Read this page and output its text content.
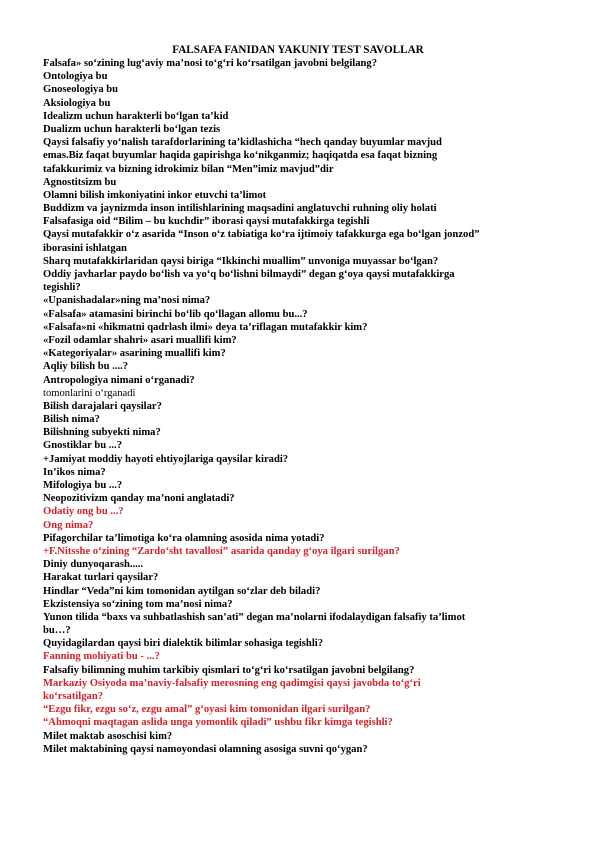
FALSAFA FANIDAN YAKUNIY TEST SAVOLLAR
Falsafa» so‘zining lug‘aviy ma’nosi to‘g‘ri ko‘rsatilgan javobni belgilang?
Ontologiya bu
Gnoseologiya bu
Aksiologiya bu
Idealizm uchun harakterli bo‘lgan ta’kid
Dualizm uchun harakterli bo‘lgan tezis
Qaysi falsafiy yo‘nalish tarafdorlarining ta’kidlashicha “hech qanday buyumlar mavjud
emas.Biz faqat buyumlar haqida gapirishga ko‘nikganmiz; haqiqatda esa faqat bizning
tafakkurimiz va bizning idrokimiz bilan “Men”imiz mavjud”dir
Agnostitsizm bu
Olamni bilish imkoniyatini inkor etuvchi ta’limot
Buddizm va jaynizmda inson intilishlarining maqsadini anglatuvchi ruhning oliy holati
Falsafasiga oid “Bilim – bu kuchdir” iborasi qaysi mutafakkirga tegishli
Qaysi mutafakkir o‘z asarida “Inson o‘z tabiatiga ko‘ra ijtimoiy tafakkurga ega bo‘lgan jonzod”
iborasini ishlatgan
Sharq mutafakkirlaridan qaysi biriga “Ikkinchi muallim” unvoniga muyassar bo‘lgan?
Oddiy javharlar paydo bo‘lish va yo‘q bo‘lishni bilmaydi” degan g‘oya qaysi mutafakkirga
tegishli?
«Upanishadalar»ning ma’nosi nima?
«Falsafa» atamasini birinchi bo‘lib qo‘llagan allomu bu...?
«Falsafa»ni «hikmatni qadrlash ilmi» deya ta’riflagan mutafakkir kim?
«Fozil odamlar shahri» asari muallifi kim?
«Kategoriyalar» asarining muallifi kim?
Aqliy bilish bu ....?
Antropologiya nimani o‘rganadi?
tomonlarini o‘rganadi
Bilish darajalari qaysilar?
Bilish nima?
Bilishning subyekti nima?
Gnostiklar bu ...?
+Jamiyat moddiy hayoti ehtiyojlariga qaysilar kiradi?
In’ikos nima?
Mifologiya bu ...?
Neopozitivizm qanday ma’noni anglatadi?
Odatiy ong bu ...?
Ong nima?
Pifagorchilar ta’limotiga ko‘ra olamning asosida nima yotadi?
+F.Nitsshe o‘zining “Zardo‘sht tavallosi” asarida qanday g‘oya ilgari surilgan?
Diniy dunyoqarash.....
Harakat turlari qaysilar?
Hindlar “Veda”ni kim tomonidan aytilgan so‘zlar deb biladi?
Ekzistensiya so‘zining tom ma’nosi nima?
Yunon tilida “baxs va suhbatlashish san’ati” degan ma’nolarni ifodalaydigan falsafiy ta’limot
bu…?
Quyidagilardan qaysi biri dialektik bilimlar sohasiga tegishli?
Fanning mohiyati bu - ...?
Falsafiy bilimning muhim tarkibiy qismlari to‘g‘ri ko‘rsatilgan javobni belgilang?
Markaziy Osiyoda ma’naviy-falsafiy merosning eng qadimgisi qaysi javobda to‘g‘ri
ko‘rsatilgan?
“Ezgu fikr, ezgu so‘z, ezgu amal” g‘oyasi kim tomonidan ilgari surilgan?
“Ahmoqni maqtagan aslida unga yomonlik qiladi” ushbu fikr kimga tegishli?
Milet maktab asoschisi kim?
Milet maktabining qaysi namoyondasi olamning asosiga suvni qo‘ygan?
